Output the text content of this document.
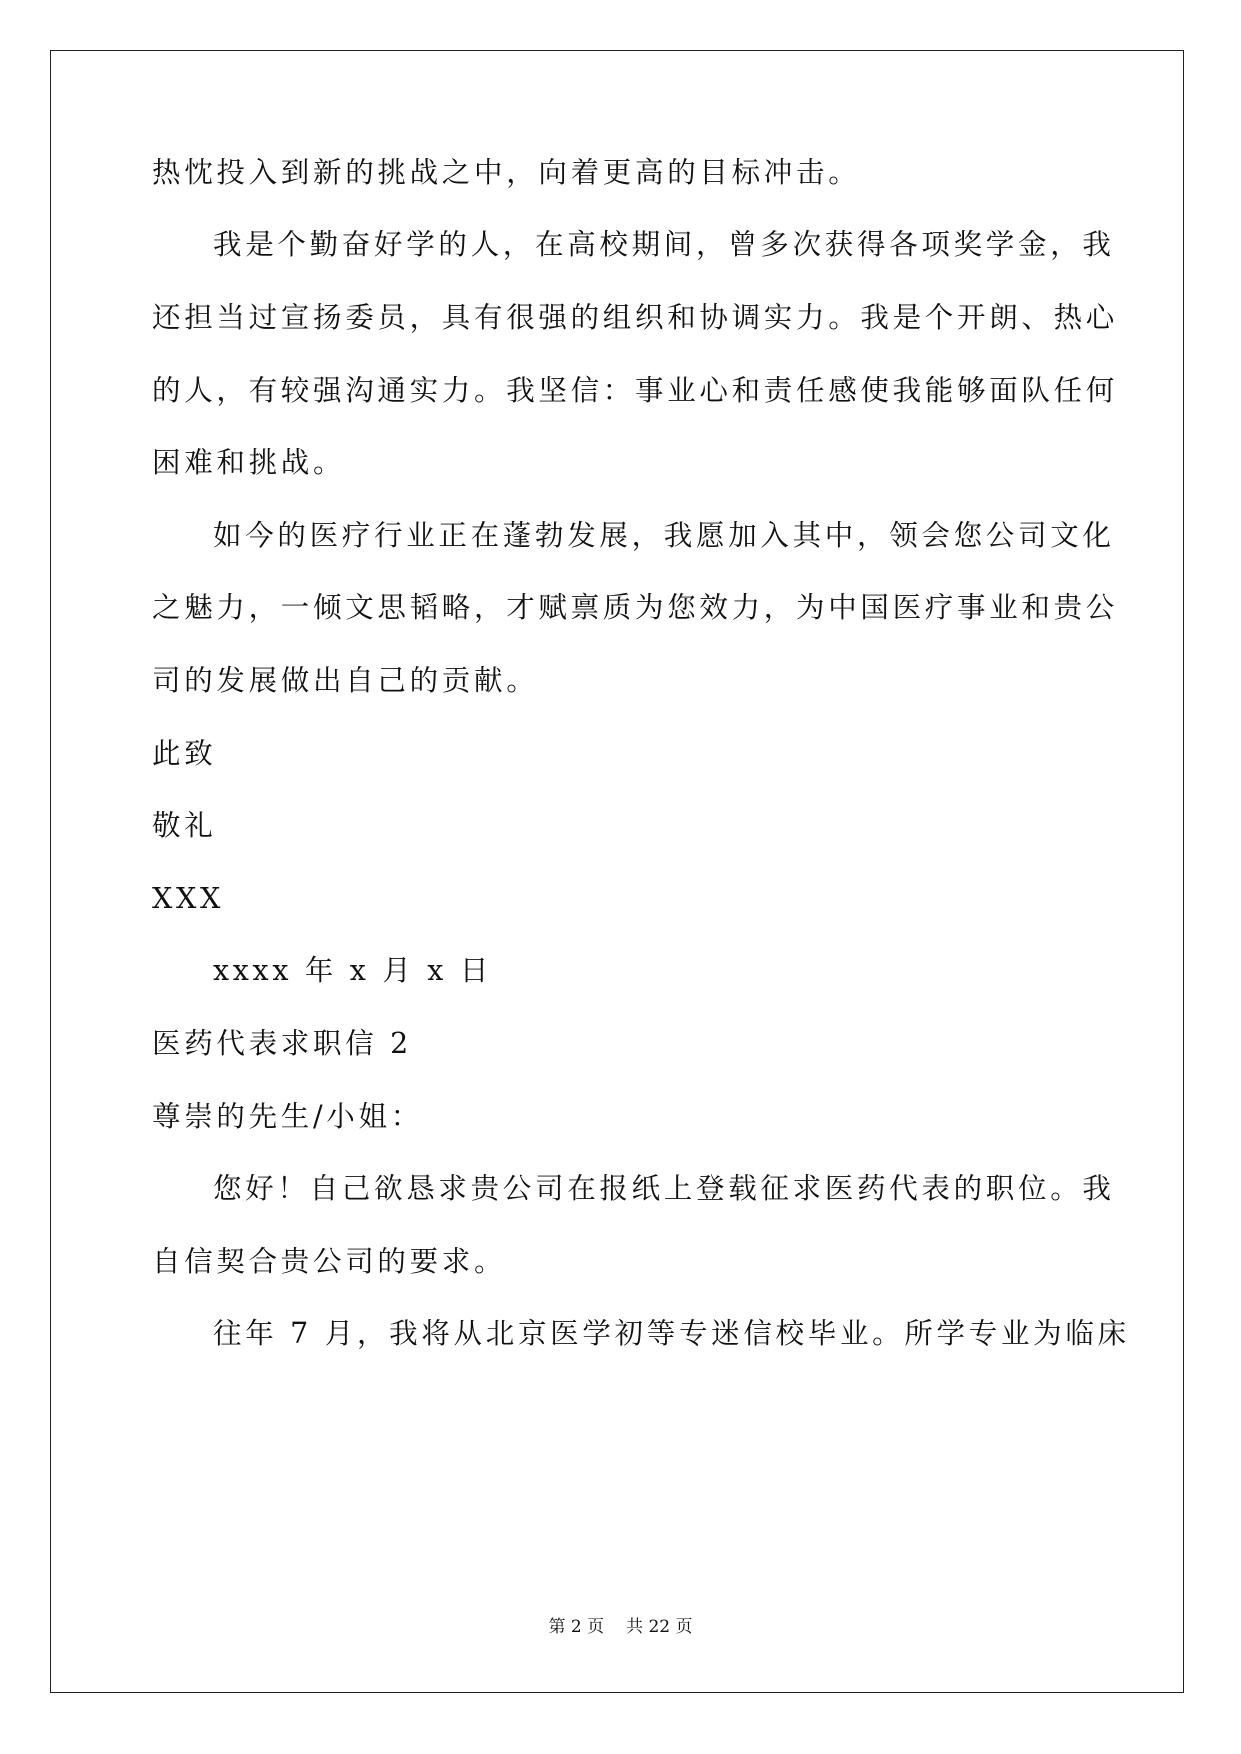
热忱投入到新的挑战之中，向着更高的目标冲击。
我是个勤奋好学的人，在高校期间，曾多次获得各项奖学金，我
还担当过宣扬委员，具有很强的组织和协调实力。我是个开朗、热心
的人，有较强沟通实力。我坚信：事业心和责任感使我能够面队任何
困难和挑战。
如今的医疗行业正在蓬勃发展，我愿加入其中，领会您公司文化
之魅力，一倾文思韬略，才赋禀质为您效力，为中国医疗事业和贵公
司的发展做出自己的贡献。
此致
敬礼
XXX
xxxx 年 x 月 x 日
医药代表求职信 2
尊崇的先生/小姐：
您好！自己欲恳求贵公司在报纸上登载征求医药代表的职位。我
自信契合贵公司的要求。
往年 7 月，我将从北京医学初等专迷信校毕业。所学专业为临床
第 2 页 共 22 页
